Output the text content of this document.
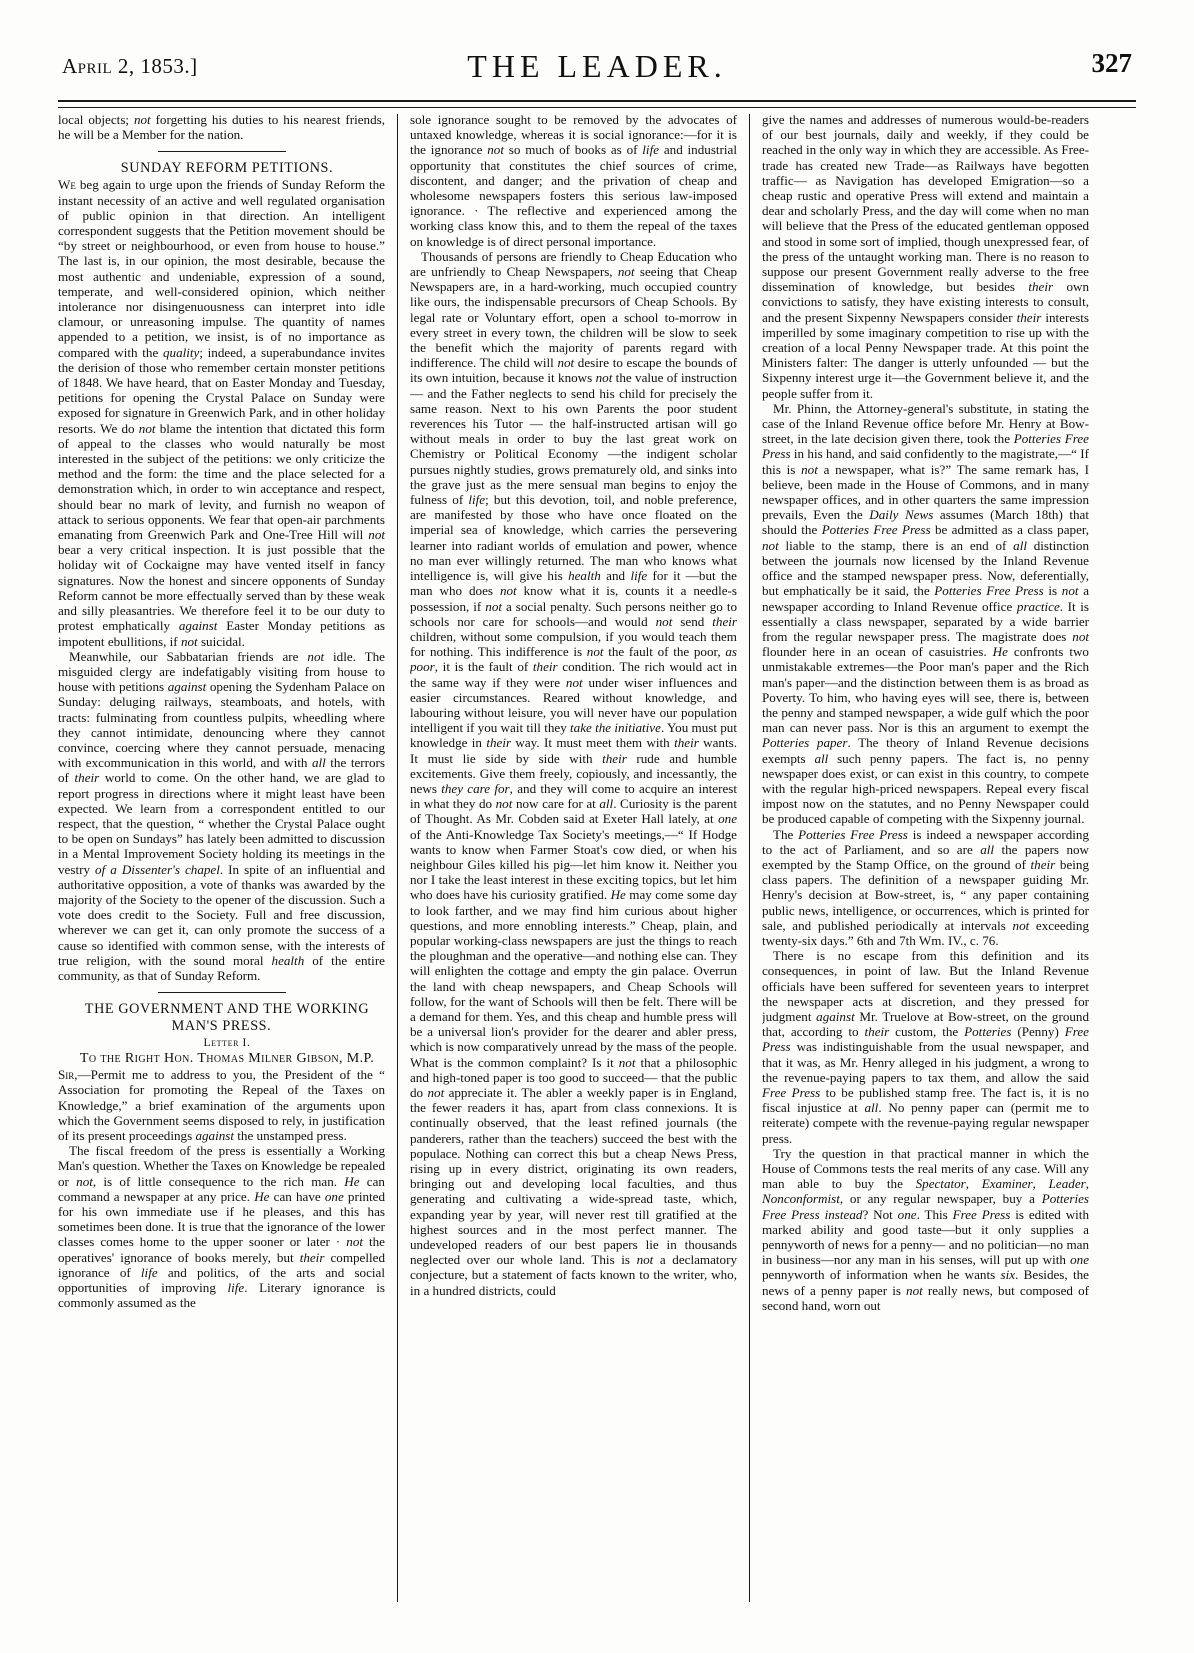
April 2, 1853.]	THE LEADER.	327

local objects; not forgetting his duties to his nearest friends, he will be a Member for the nation.

SUNDAY REFORM PETITIONS.

We beg again to urge upon the friends of Sunday Reform the instant necessity of an active and well regulated organisation of public opinion in that direction. An intelligent correspondent suggests that the Petition movement should be “by street or neighbourhood, or even from house to house.” The last is, in our opinion, the most desirable, because the most authentic and undeniable, expression of a sound, temperate, and well-considered opinion, which neither intolerance nor disingenuousness can interpret into idle clamour, or unreasoning impulse. The quantity of names appended to a petition, we insist, is of no importance as compared with the quality; indeed, a superabundance invites the derision of those who remember certain monster petitions of 1848. We have heard, that on Easter Monday and Tuesday, petitions for opening the Crystal Palace on Sunday were exposed for signature in Greenwich Park, and in other holiday resorts. We do not blame the intention that dictated this form of appeal to the classes who would naturally be most interested in the subject of the petitions: we only criticize the method and the form: the time and the place selected for a demonstration which, in order to win acceptance and respect, should bear no mark of levity, and furnish no weapon of attack to serious opponents. We fear that open-air parchments emanating from Greenwich Park and One-Tree Hill will not bear a very critical inspection. It is just possible that the holiday wit of Cockaigne may have vented itself in fancy signatures. Now the honest and sincere opponents of Sunday Reform cannot be more effectually served than by these weak and silly pleasantries. We therefore feel it to be our duty to protest emphatically against Easter Monday petitions as impotent ebullitions, if not suicidal.

Meanwhile, our Sabbatarian friends are not idle. The misguided clergy are indefatigably visiting from house to house with petitions against opening the Sydenham Palace on Sunday: deluging railways, steamboats, and hotels, with tracts: fulminating from countless pulpits, wheedling where they cannot intimidate, denouncing where they cannot convince, coercing where they cannot persuade, menacing with excommunication in this world, and with all the terrors of their world to come. On the other hand, we are glad to report progress in directions where it might least have been expected. We learn from a correspondent entitled to our respect, that the question, “ whether the Crystal Palace ought to be open on Sundays” has lately been admitted to discussion in a Mental Improvement Society holding its meetings in the vestry of a Dissenter's chapel. In spite of an influential and authoritative opposition, a vote of thanks was awarded by the majority of the Society to the opener of the discussion. Such a vote does credit to the Society. Full and free discussion, wherever we can get it, can only promote the success of a cause so identified with common sense, with the interests of true religion, with the sound moral health of the entire community, as that of Sunday Reform.

THE GOVERNMENT AND THE WORKING MAN'S PRESS.

Letter I.

To the Right Hon. Thomas Milner Gibson, M.P.

Sir,—Permit me to address to you, the President of the “ Association for promoting the Repeal of the Taxes on Knowledge,” a brief examination of the arguments upon which the Government seems disposed to rely, in justification of its present proceedings against the unstamped press.

The fiscal freedom of the press is essentially a Working Man's question. Whether the Taxes on Knowledge be repealed or not, is of little consequence to the rich man. He can command a newspaper at any price. He can have one printed for his own immediate use if he pleases, and this has sometimes been done. It is true that the ignorance of the lower classes comes home to the upper sooner or later · not the operatives' ignorance of books merely, but their compelled ignorance of life and politics, of the arts and social opportunities of improving life. Literary ignorance is commonly assumed as the

sole ignorance sought to be removed by the advocates of untaxed knowledge, whereas it is social ignorance:—for it is the ignorance not so much of books as of life and industrial opportunity that constitutes the chief sources of crime, discontent, and danger; and the privation of cheap and wholesome newspapers fosters this serious law-imposed ignorance. · The reflective and experienced among the working class know this, and to them the repeal of the taxes on knowledge is of direct personal importance.

Thousands of persons are friendly to Cheap Education who are unfriendly to Cheap Newspapers, not seeing that Cheap Newspapers are, in a hard-working, much occupied country like ours, the indispensable precursors of Cheap Schools. By legal rate or Voluntary effort, open a school to-morrow in every street in every town, the children will be slow to seek the benefit which the majority of parents regard with indifference. The child will not desire to escape the bounds of its own intuition, because it knows not the value of instruction — and the Father neglects to send his child for precisely the same reason. Next to his own Parents the poor student reverences his Tutor — the half-instructed artisan will go without meals in order to buy the last great work on Chemistry or Political Economy —the indigent scholar pursues nightly studies, grows prematurely old, and sinks into the grave just as the mere sensual man begins to enjoy the fulness of life; but this devotion, toil, and noble preference, are manifested by those who have once floated on the imperial sea of knowledge, which carries the persevering learner into radiant worlds of emulation and power, whence no man ever willingly returned. The man who knows what intelligence is, will give his health and life for it —but the man who does not know what it is, counts it a needle-s possession, if not a social penalty. Such persons neither go to schools nor care for schools—and would not send their children, without some compulsion, if you would teach them for nothing. This indifference is not the fault of the poor, as poor, it is the fault of their condition. The rich would act in the same way if they were not under wiser influences and easier circumstances. Reared without knowledge, and labouring without leisure, you will never have our population intelligent if you wait till they take the initiative. You must put knowledge in their way. It must meet them with their wants. It must lie side by side with their rude and humble excitements. Give them freely, copiously, and incessantly, the news they care for, and they will come to acquire an interest in what they do not now care for at all. Curiosity is the parent of Thought. As Mr. Cobden said at Exeter Hall lately, at one of the Anti-Knowledge Tax Society's meetings,—“ If Hodge wants to know when Farmer Stoat's cow died, or when his neighbour Giles killed his pig—let him know it. Neither you nor I take the least interest in these exciting topics, but let him who does have his curiosity gratified. He may come some day to look farther, and we may find him curious about higher questions, and more ennobling interests.” Cheap, plain, and popular working-class newspapers are just the things to reach the ploughman and the operative—and nothing else can. They will enlighten the cottage and empty the gin palace. Overrun the land with cheap newspapers, and Cheap Schools will follow, for the want of Schools will then be felt. There will be a demand for them. Yes, and this cheap and humble press will be a universal lion's provider for the dearer and abler press, which is now comparatively unread by the mass of the people. What is the common complaint? Is it not that a philosophic and high-toned paper is too good to succeed— that the public do not appreciate it. The abler a weekly paper is in England, the fewer readers it has, apart from class connexions. It is continually observed, that the least refined journals (the panderers, rather than the teachers) succeed the best with the populace. Nothing can correct this but a cheap News Press, rising up in every district, originating its own readers, bringing out and developing local faculties, and thus generating and cultivating a wide-spread taste, which, expanding year by year, will never rest till gratified at the highest sources and in the most perfect manner. The undeveloped readers of our best papers lie in thousands neglected over our whole land. This is not a declamatory conjecture, but a statement of facts known to the writer, who, in a hundred districts, could

give the names and addresses of numerous would-be-readers of our best journals, daily and weekly, if they could be reached in the only way in which they are accessible. As Free-trade has created new Trade—as Railways have begotten traffic— as Navigation has developed Emigration—so a cheap rustic and operative Press will extend and maintain a dear and scholarly Press, and the day will come when no man will believe that the Press of the educated gentleman opposed and stood in some sort of implied, though unexpressed fear, of the press of the untaught working man. There is no reason to suppose our present Government really adverse to the free dissemination of knowledge, but besides their own convictions to satisfy, they have existing interests to consult, and the present Sixpenny Newspapers consider their interests imperilled by some imaginary competition to rise up with the creation of a local Penny Newspaper trade. At this point the Ministers falter: The danger is utterly unfounded — but the Sixpenny interest urge it—the Government believe it, and the people suffer from it.

Mr. Phinn, the Attorney-general's substitute, in stating the case of the Inland Revenue office before Mr. Henry at Bow-street, in the late decision given there, took the Potteries Free Press in his hand, and said confidently to the magistrate,—“ If this is not a newspaper, what is?” The same remark has, I believe, been made in the House of Commons, and in many newspaper offices, and in other quarters the same impression prevails, Even the Daily News assumes (March 18th) that should the Potteries Free Press be admitted as a class paper, not liable to the stamp, there is an end of all distinction between the journals now licensed by the Inland Revenue office and the stamped newspaper press. Now, deferentially, but emphatically be it said, the Potteries Free Press is not a newspaper according to Inland Revenue office practice. It is essentially a class newspaper, separated by a wide barrier from the regular newspaper press. The magistrate does not flounder here in an ocean of casuistries. He confronts two unmistakable extremes—the Poor man's paper and the Rich man's paper—and the distinction between them is as broad as Poverty. To him, who having eyes will see, there is, between the penny and stamped newspaper, a wide gulf which the poor man can never pass. Nor is this an argument to exempt the Potteries paper. The theory of Inland Revenue decisions exempts all such penny papers. The fact is, no penny newspaper does exist, or can exist in this country, to compete with the regular high-priced newspapers. Repeal every fiscal impost now on the statutes, and no Penny Newspaper could be produced capable of competing with the Sixpenny journal.

The Potteries Free Press is indeed a newspaper according to the act of Parliament, and so are all the papers now exempted by the Stamp Office, on the ground of their being class papers. The definition of a newspaper guiding Mr. Henry's decision at Bow-street, is, “ any paper containing public news, intelligence, or occurrences, which is printed for sale, and published periodically at intervals not exceeding twenty-six days.” 6th and 7th Wm. IV., c. 76.

There is no escape from this definition and its consequences, in point of law. But the Inland Revenue officials have been suffered for seventeen years to interpret the newspaper acts at discretion, and they pressed for judgment against Mr. Truelove at Bow-street, on the ground that, according to their custom, the Potteries (Penny) Free Press was indistinguishable from the usual newspaper, and that it was, as Mr. Henry alleged in his judgment, a wrong to the revenue-paying papers to tax them, and allow the said Free Press to be published stamp free. The fact is, it is no fiscal injustice at all. No penny paper can (permit me to reiterate) compete with the revenue-paying regular newspaper press.

Try the question in that practical manner in which the House of Commons tests the real merits of any case. Will any man able to buy the Spectator, Examiner, Leader, Nonconformist, or any regular newspaper, buy a Potteries Free Press instead? Not one. This Free Press is edited with marked ability and good taste—but it only supplies a pennyworth of news for a penny— and no politician—no man in business—nor any man in his senses, will put up with one pennyworth of information when he wants six. Besides, the news of a penny paper is not really news, but composed of second hand, worn out
